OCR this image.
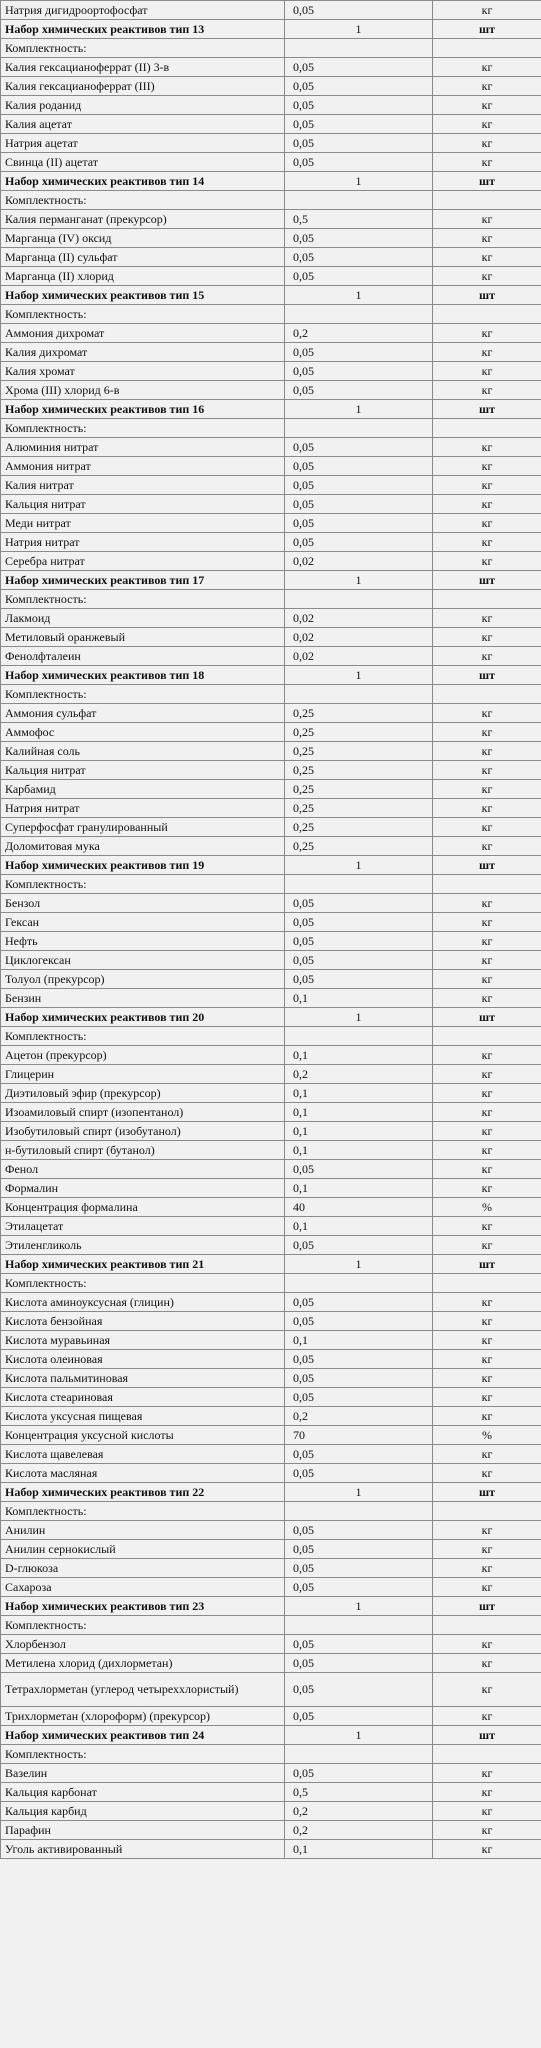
Натрия дигидроортофосфат	0,05	кг
Набор химических реактивов тип 13	1	шт
Комплектность:		
Калия гексацианоферрат (II) 3-в	0,05	кг
Калия гексацианоферрат (III)	0,05	кг
Калия роданид	0,05	кг
Калия ацетат	0,05	кг
Натрия ацетат	0,05	кг
Свинца (II) ацетат	0,05	кг
Набор химических реактивов тип 14	1	шт
Комплектность:		
Калия перманганат (прекурсор)	0,5	кг
Марганца (IV) оксид	0,05	кг
Марганца (II) сульфат	0,05	кг
Марганца (II) хлорид	0,05	кг
Набор химических реактивов тип 15	1	шт
Комплектность:		
Аммония дихромат	0,2	кг
Калия дихромат	0,05	кг
Калия хромат	0,05	кг
Хрома (III) хлорид 6-в	0,05	кг
Набор химических реактивов тип 16	1	шт
Комплектность:		
Алюминия нитрат	0,05	кг
Аммония нитрат	0,05	кг
Калия нитрат	0,05	кг
Кальция нитрат	0,05	кг
Меди нитрат	0,05	кг
Натрия нитрат	0,05	кг
Серебра нитрат	0,02	кг
Набор химических реактивов тип 17	1	шт
Комплектность:		
Лакмоид	0,02	кг
Метиловый оранжевый	0,02	кг
Фенолфталеин	0,02	кг
Набор химических реактивов тип 18	1	шт
Комплектность:		
Аммония сульфат	0,25	кг
Аммофос	0,25	кг
Калийная соль	0,25	кг
Кальция нитрат	0,25	кг
Карбамид	0,25	кг
Натрия нитрат	0,25	кг
Суперфосфат гранулированный	0,25	кг
Доломитовая мука	0,25	кг
Набор химических реактивов тип 19	1	шт
Комплектность:		
Бензол	0,05	кг
Гексан	0,05	кг
Нефть	0,05	кг
Циклогексан	0,05	кг
Толуол (прекурсор)	0,05	кг
Бензин	0,1	кг
Набор химических реактивов тип 20	1	шт
Комплектность:		
Ацетон (прекурсор)	0,1	кг
Глицерин	0,2	кг
Диэтиловый эфир (прекурсор)	0,1	кг
Изоамиловый спирт (изопентанол)	0,1	кг
Изобутиловый спирт (изобутанол)	0,1	кг
н-бутиловый спирт (бутанол)	0,1	кг
Фенол	0,05	кг
Формалин	0,1	кг
Концентрация формалина	40	%
Этилацетат	0,1	кг
Этиленгликоль	0,05	кг
Набор химических реактивов тип 21	1	шт
Комплектность:		
Кислота аминоуксусная (глицин)	0,05	кг
Кислота бензойная	0,05	кг
Кислота муравьиная	0,1	кг
Кислота олеиновая	0,05	кг
Кислота пальмитиновая	0,05	кг
Кислота стеариновая	0,05	кг
Кислота уксусная пищевая	0,2	кг
Концентрация уксусной кислоты	70	%
Кислота щавелевая	0,05	кг
Кислота масляная	0,05	кг
Набор химических реактивов тип 22	1	шт
Комплектность:		
Анилин	0,05	кг
Анилин сернокислый	0,05	кг
D-глюкоза	0,05	кг
Сахароза	0,05	кг
Набор химических реактивов тип 23	1	шт
Комплектность:		
Хлорбензол	0,05	кг
Метилена хлорид (дихлорметан)	0,05	кг
Тетрахлорметан (углерод четыреххлористый)	0,05	кг
Трихлорметан (хлороформ) (прекурсор)	0,05	кг
Набор химических реактивов тип 24	1	шт
Комплектность:		
Вазелин	0,05	кг
Кальция карбонат	0,5	кг
Кальция карбид	0,2	кг
Парафин	0,2	кг
Уголь активированный	0,1	кг
